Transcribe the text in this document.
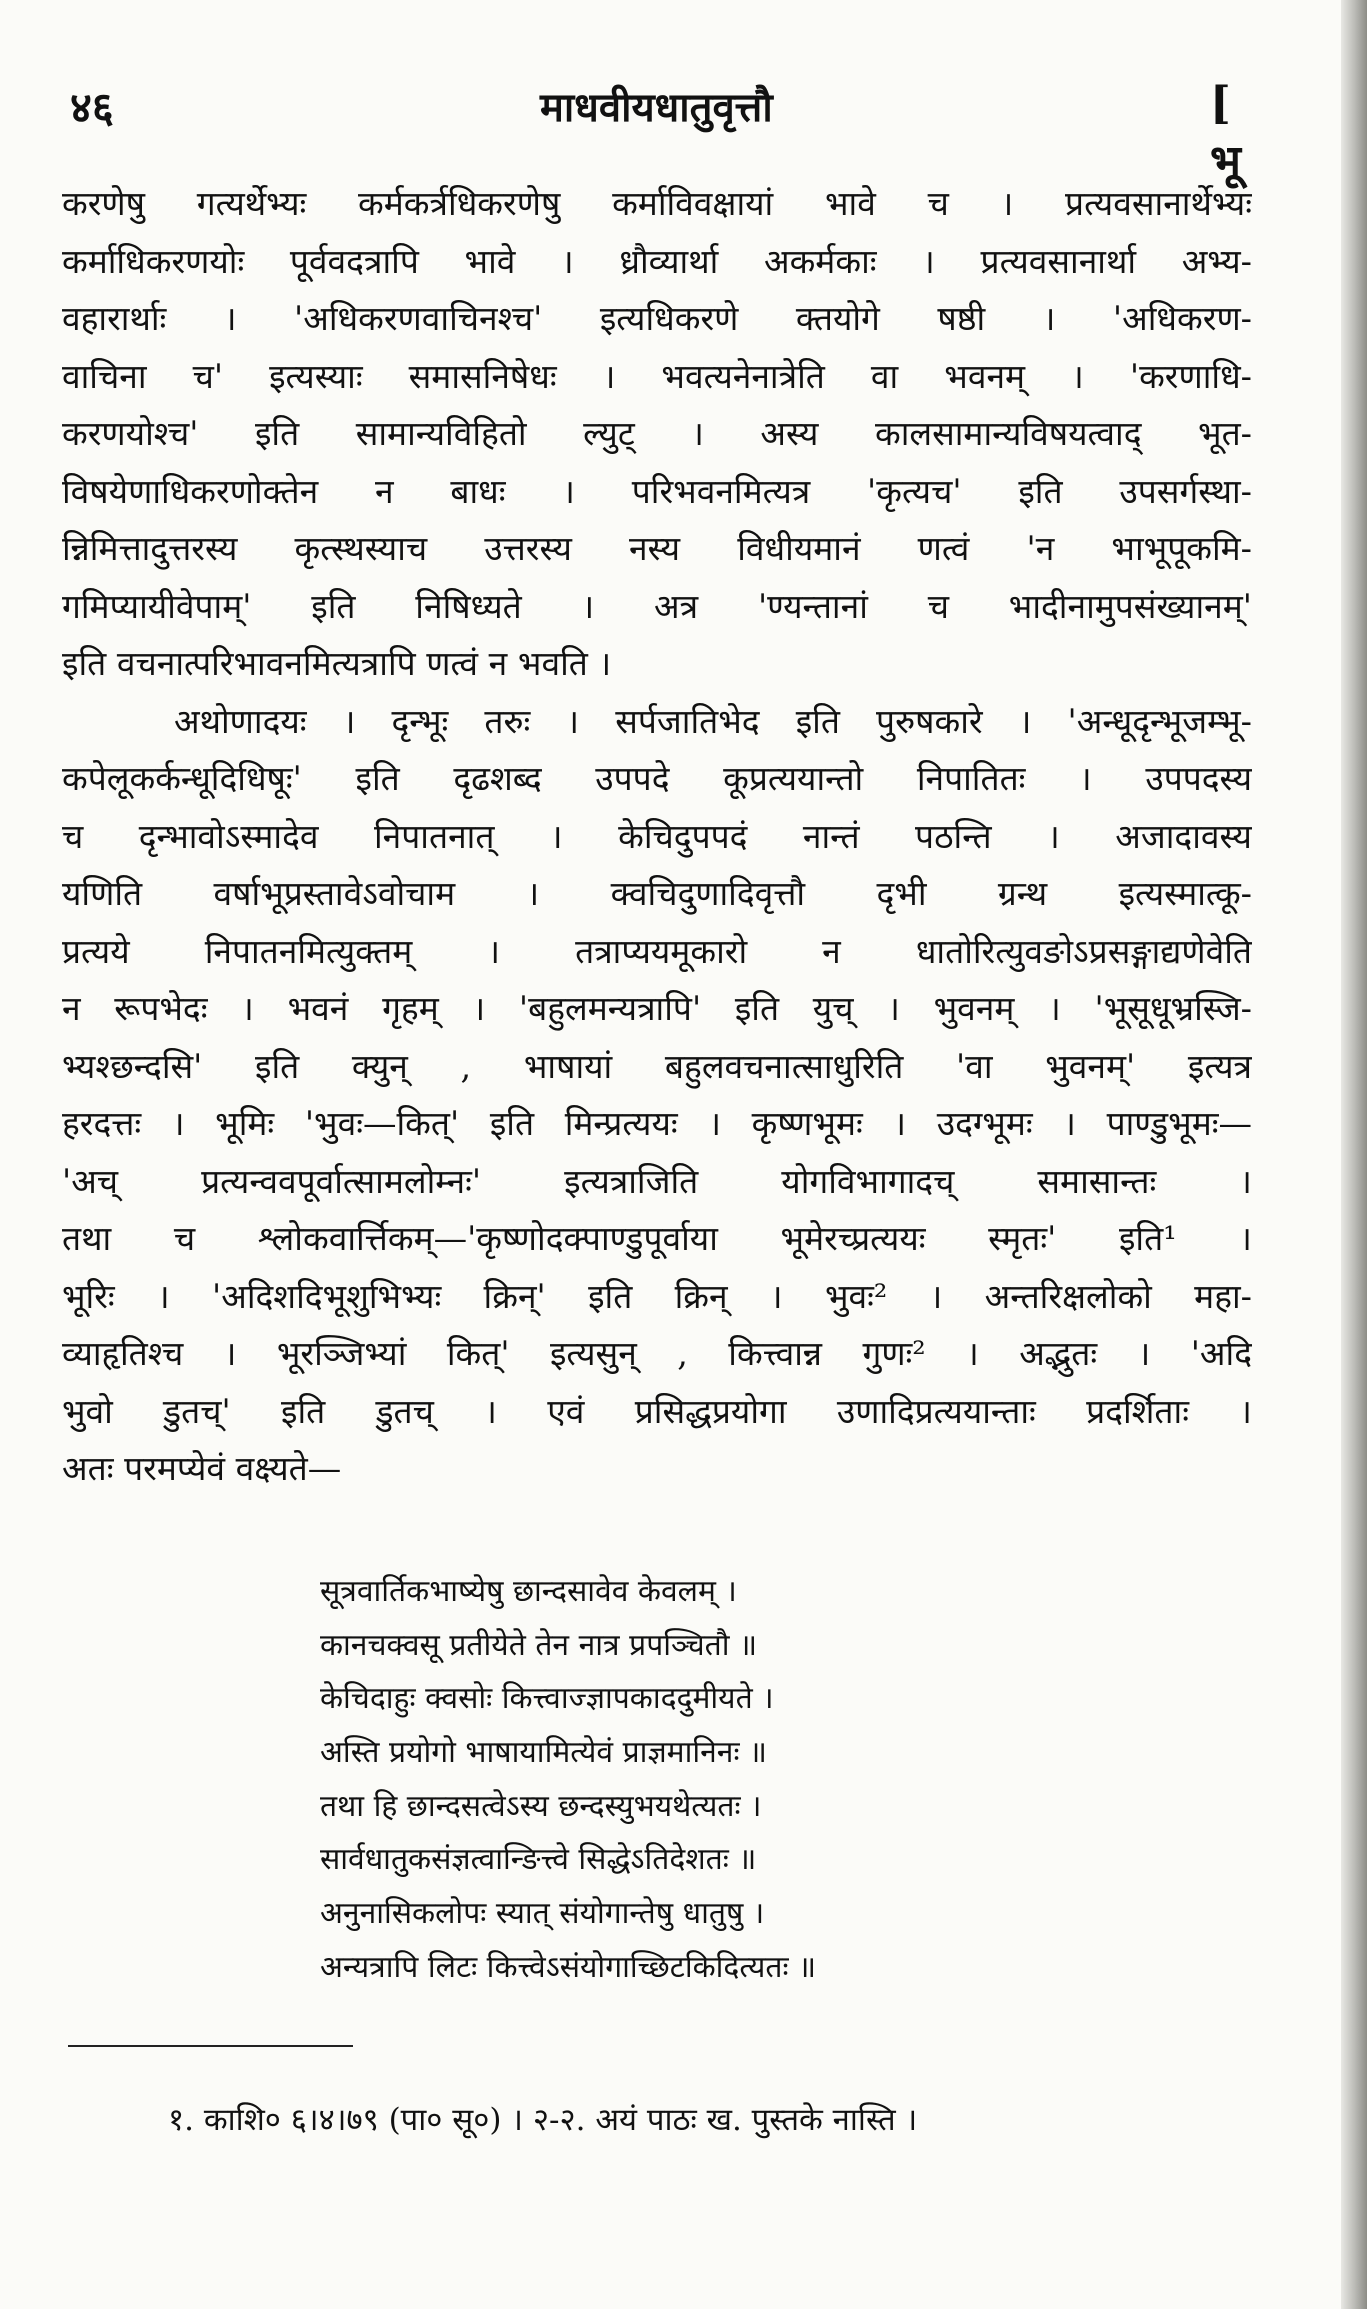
४६	माधवीयधातुवृत्तौ	[ भू
करणेषु गत्यर्थेभ्यः कर्मकर्त्रधिकरणेषु कर्माविवक्षायां भावे च । प्रत्यवसानार्थेभ्यः
कर्माधिकरणयोः पूर्ववदत्रापि भावे । ध्रौव्यार्था अकर्मकाः । प्रत्यवसानार्था अभ्य-
वहारार्थाः । 'अधिकरणवाचिनश्च' इत्यधिकरणे क्तयोगे षष्ठी । 'अधिकरण-
वाचिना च' इत्यस्याः समासनिषेधः । भवत्यनेनात्रेति वा भवनम् । 'करणाधि-
करणयोश्च' इति सामान्यविहितो ल्युट् । अस्य कालसामान्यविषयत्वाद् भूत-
विषयेणाधिकरणोक्तेन न बाधः । परिभवनमित्यत्र 'कृत्यच' इति उपसर्गस्था-
न्निमित्तादुत्तरस्य कृत्स्थस्याच उत्तरस्य नस्य विधीयमानं णत्वं 'न भाभूपूकमि-
गमिप्यायीवेपाम्' इति निषिध्यते । अत्र 'ण्यन्तानां च भादीनामुपसंख्यानम्'
इति वचनात्परिभावनमित्यत्रापि णत्वं न भवति ।
अथोणादयः । दृन्भूः तरुः । सर्पजातिभेद इति पुरुषकारे । 'अन्धूदृन्भूजम्भू-
कपेलूकर्कन्धूदिधिषूः' इति दृढशब्द उपपदे कूप्रत्ययान्तो निपातितः । उपपदस्य
च दृन्भावोऽस्मादेव निपातनात् । केचिदुपपदं नान्तं पठन्ति । अजादावस्य
यणिति वर्षाभूप्रस्तावेऽवोचाम । क्वचिदुणादिवृत्तौ दृभी ग्रन्थ इत्यस्मात्कू-
प्रत्यये निपातनमित्युक्तम् । तत्राप्ययमूकारो न धातोरित्युवङोऽप्रसङ्गाद्यणेवेति
न रूपभेदः । भवनं गृहम् । 'बहुलमन्यत्रापि' इति युच् । भुवनम् । 'भूसूधूभ्रस्जि-
भ्यश्छन्दसि' इति क्युन् , भाषायां बहुलवचनात्साधुरिति 'वा भुवनम्' इत्यत्र
हरदत्तः । भूमिः 'भुवः—कित्' इति मिन्प्रत्ययः । कृष्णभूमः । उदग्भूमः । पाण्डुभूमः—
'अच् प्रत्यन्ववपूर्वात्सामलोम्नः' इत्यत्राजिति योगविभागादच् समासान्तः ।
तथा च श्लोकवार्त्तिकम्—'कृष्णोदक्पाण्डुपूर्वाया भूमेरच्प्रत्ययः स्मृतः' इति¹ ।
भूरिः । 'अदिशदिभूशुभिभ्यः क्रिन्' इति क्रिन् । भुवः² । अन्तरिक्षलोको महा-
व्याहृतिश्च । भूरञ्जिभ्यां कित्' इत्यसुन् , कित्त्वान्न गुणः² । अद्भुतः । 'अदि
भुवो डुतच्' इति डुतच् । एवं प्रसिद्धप्रयोगा उणादिप्रत्ययान्ताः प्रदर्शिताः ।
अतः परमप्येवं वक्ष्यते—
सूत्रवार्तिकभाष्येषु छान्दसावेव केवलम् ।
कानचक्वसू प्रतीयेते तेन नात्र प्रपञ्चितौ ॥
केचिदाहुः क्वसोः कित्त्वाज्ज्ञापकाददुमीयते ।
अस्ति प्रयोगो भाषायामित्येवं प्राज्ञमानिनः ॥
तथा हि छान्दसत्वेऽस्य छन्दस्युभयथेत्यतः ।
सार्वधातुकसंज्ञत्वान्ङित्त्वे सिद्धेऽतिदेशतः ॥
अनुनासिकलोपः स्यात् संयोगान्तेषु धातुषु ।
अन्यत्रापि लिटः कित्त्वेऽसंयोगाच्छिटकिदित्यतः ॥
१. काशि० ६।४।७९ (पा० सू०) । २-२. अयं पाठः ख. पुस्तके नास्ति ।
